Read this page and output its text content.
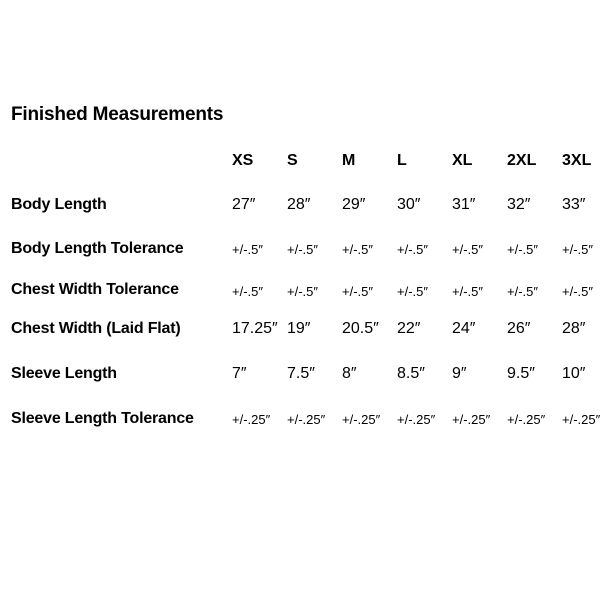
Finished Measurements
XS S	M	L	XL 2XL 3XL
Body Length	27″ 28″ 29″ 30″ 31″ 32″ 33″
Body Length Tolerance	+/-.5″ +/-.5″ +/-.5″ +/-.5″ +/-.5″ +/-.5″ +/-.5″
Chest Width Tolerance	+/-.5″ +/-.5″ +/-.5″ +/-.5″ +/-.5″ +/-.5″ +/-.5″
Chest Width (Laid Flat)	17.25″ 19″ 20.5″ 22″ 24″ 26″ 28″
Sleeve Length	7″	7.5″ 8″	8.5″ 9″	9.5″ 10″
Sleeve Length Tolerance	+/-.25″ +/-.25″ +/-.25″ +/-.25″ +/-.25″ +/-.25″ +/-.25″
